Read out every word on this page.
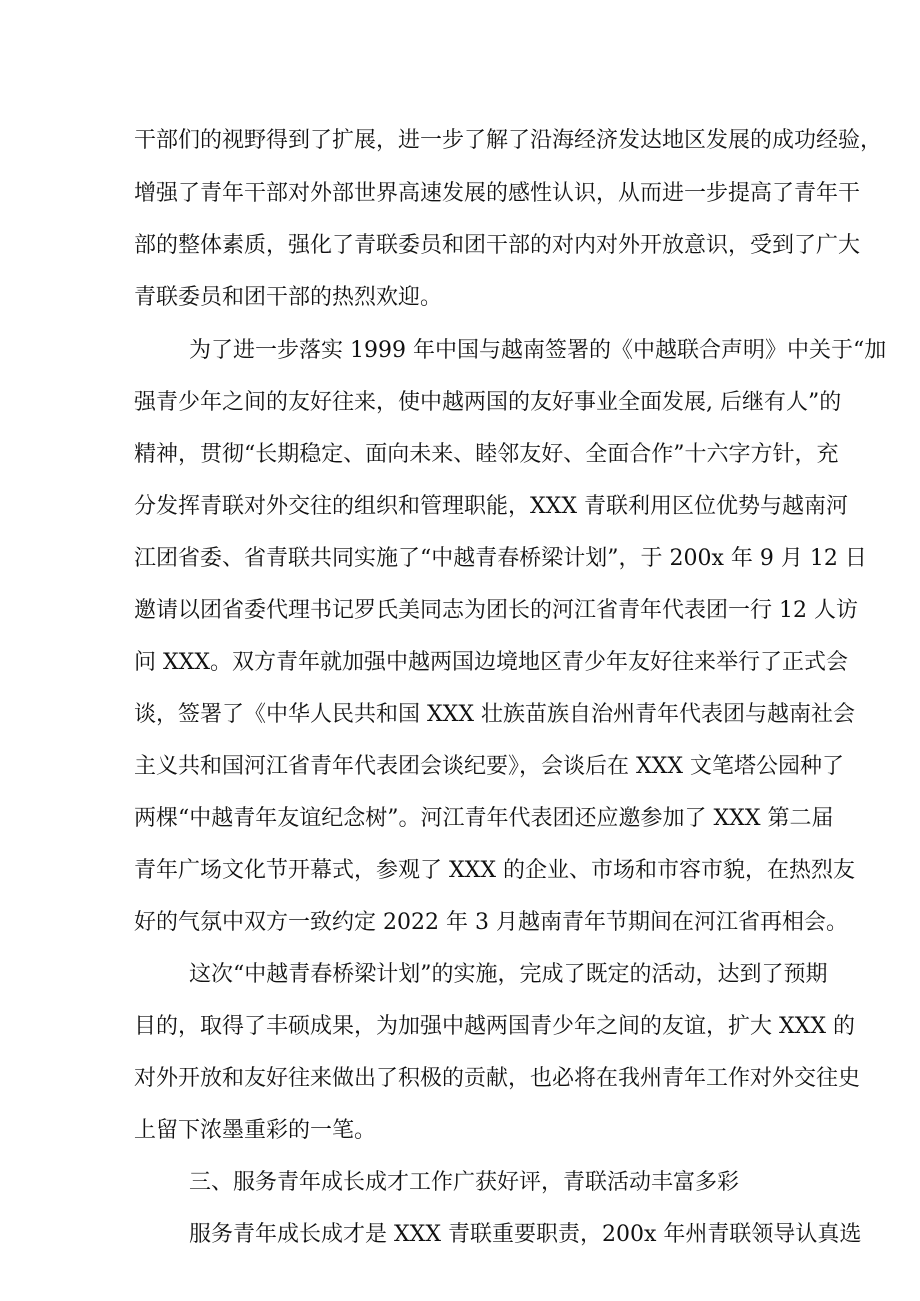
干部们的视野得到了扩展，进一步了解了沿海经济发达地区发展的成功经验，
增强了青年干部对外部世界高速发展的感性认识，从而进一步提高了青年干
部的整体素质，强化了青联委员和团干部的对内对外开放意识，受到了广大
青联委员和团干部的热烈欢迎。
为了进一步落实 1999 年中国与越南签署的《中越联合声明》中关于“加
强青少年之间的友好往来，使中越两国的友好事业全面发展, 后继有人”的
精神，贯彻“长期稳定、面向未来、睦邻友好、全面合作”十六字方针，充
分发挥青联对外交往的组织和管理职能，XXX 青联利用区位优势与越南河
江团省委、省青联共同实施了“中越青春桥梁计划”，于 200x 年 9 月 12 日
邀请以团省委代理书记罗氏美同志为团长的河江省青年代表团一行 12 人访
问 XXX。双方青年就加强中越两国边境地区青少年友好往来举行了正式会
谈，签署了《中华人民共和国 XXX 壮族苗族自治州青年代表团与越南社会
主义共和国河江省青年代表团会谈纪要》，会谈后在 XXX 文笔塔公园种了
两棵“中越青年友谊纪念树”。河江青年代表团还应邀参加了 XXX 第二届
青年广场文化节开幕式，参观了 XXX 的企业、市场和市容市貌，在热烈友
好的气氛中双方一致约定 2022 年 3 月越南青年节期间在河江省再相会。
这次“中越青春桥梁计划”的实施，完成了既定的活动，达到了预期
目的，取得了丰硕成果，为加强中越两国青少年之间的友谊，扩大 XXX 的
对外开放和友好往来做出了积极的贡献，也必将在我州青年工作对外交往史
上留下浓墨重彩的一笔。
三、服务青年成长成才工作广获好评，青联活动丰富多彩
服务青年成长成才是 XXX 青联重要职责，200x 年州青联领导认真选
